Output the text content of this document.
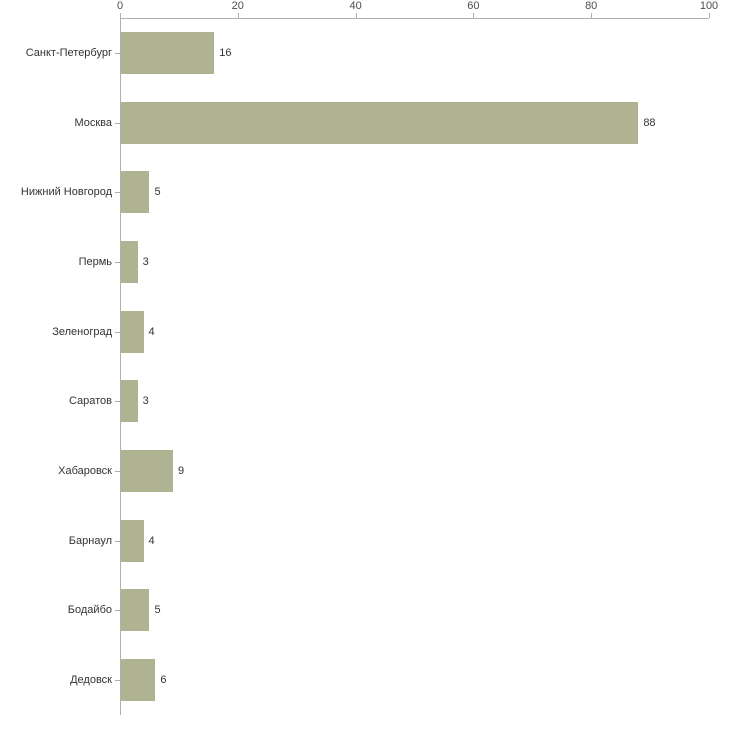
0	20	40	60	80	100
Санкт-Петербург
Москва
Нижний Новгород
Пермь
Зеленоград
Саратов
Хабаровск
Барнаул
Бодайбо
Дедовск
16
88
5
3
4
3
9
4
5
6
